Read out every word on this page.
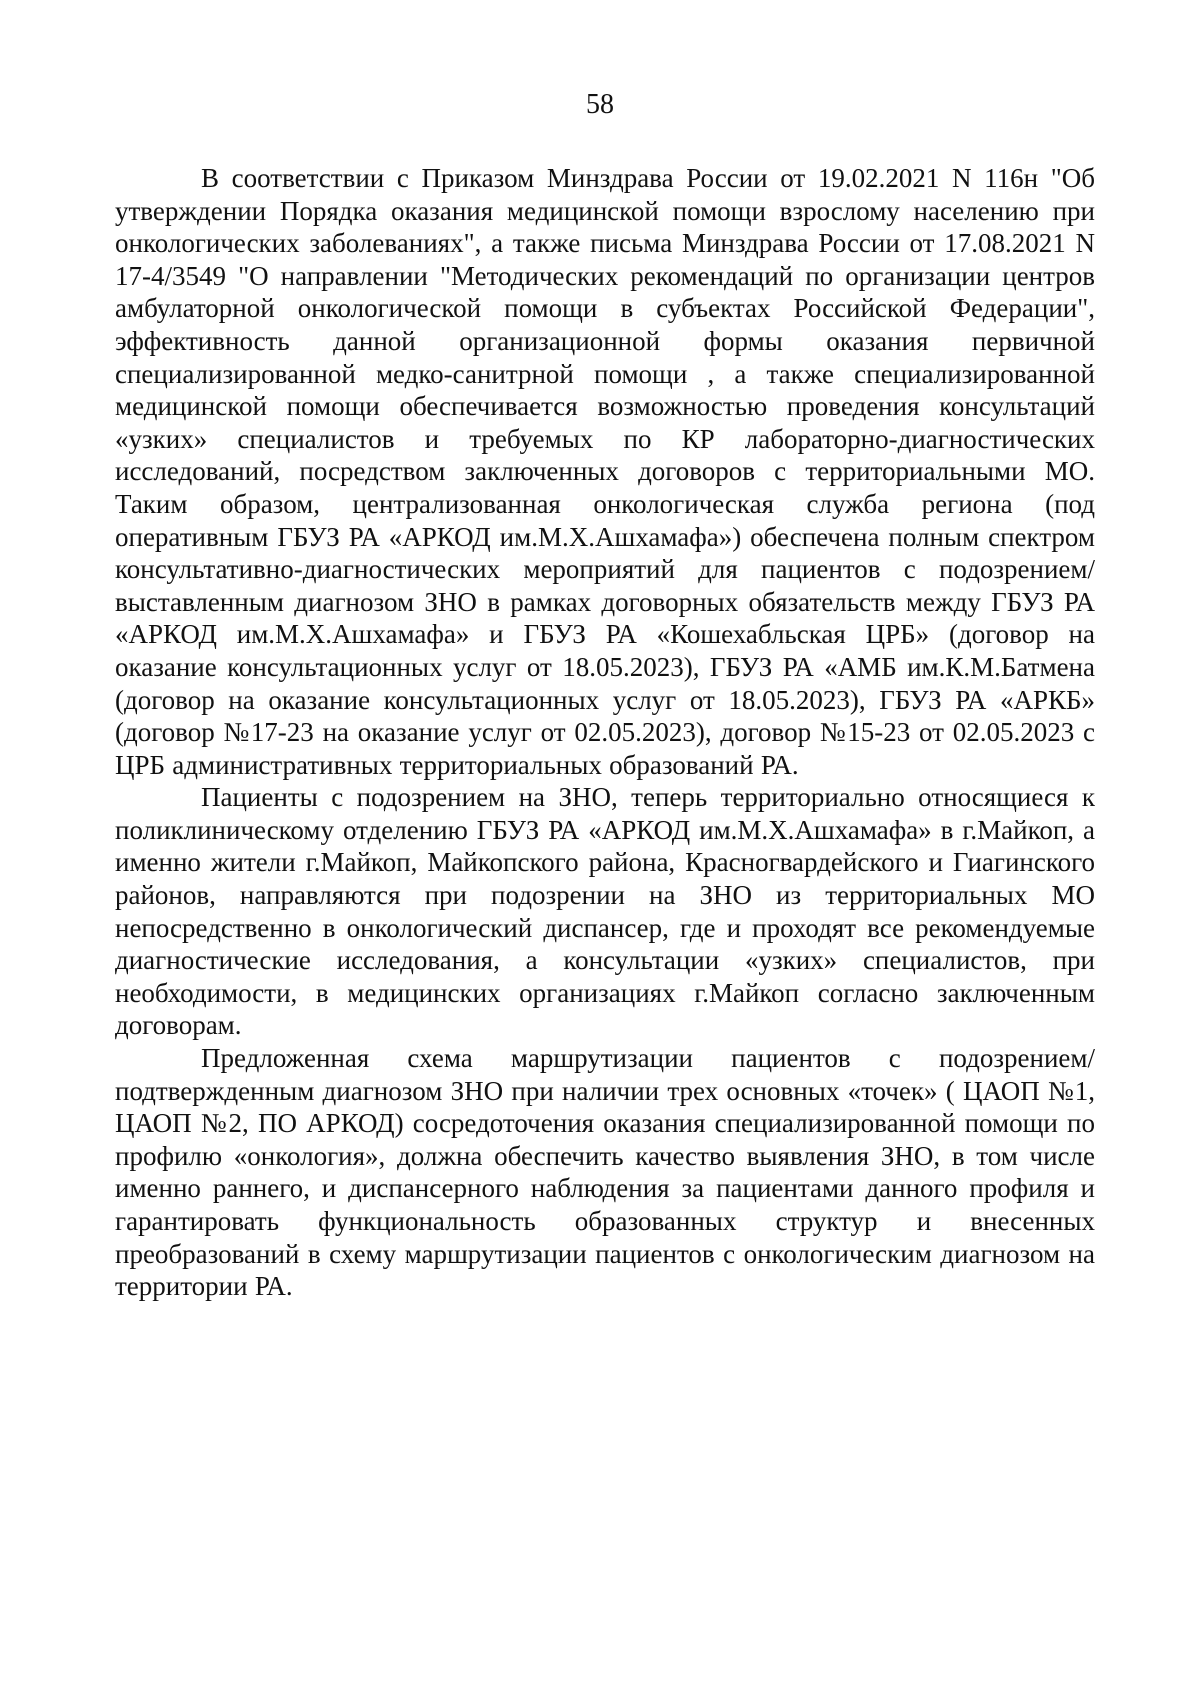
58

В соответствии с Приказом Минздрава России от 19.02.2021 N 116н "Об утверждении Порядка оказания медицинской помощи взрослому населению при онкологических заболеваниях", а также письма Минздрава России от 17.08.2021 N 17-4/3549 "О направлении "Методических рекомендаций по организации центров амбулаторной онкологической помощи в субъектах Российской Федерации", эффективность данной организационной формы оказания первичной специализированной медко-санитрной помощи , а также специализированной медицинской помощи обеспечивается возможностью проведения консультаций «узких» специалистов и требуемых по КР лабораторно-диагностических исследований, посредством заключенных договоров с территориальными МО. Таким образом, централизованная онкологическая служба региона (под оперативным ГБУЗ РА «АРКОД им.М.Х.Ашхамафа») обеспечена полным спектром консультативно-диагностических мероприятий для пациентов с подозрением/ выставленным диагнозом ЗНО в рамках договорных обязательств между ГБУЗ РА «АРКОД им.М.Х.Ашхамафа» и ГБУЗ РА «Кошехабльская ЦРБ» (договор на оказание консультационных услуг от 18.05.2023), ГБУЗ РА «АМБ им.К.М.Батмена (договор на оказание консультационных услуг от 18.05.2023), ГБУЗ РА «АРКБ» (договор №17-23 на оказание услуг от 02.05.2023), договор №15-23 от 02.05.2023 с ЦРБ административных территориальных образований РА.

Пациенты с подозрением на ЗНО, теперь территориально относящиеся к поликлиническому отделению ГБУЗ РА «АРКОД им.М.Х.Ашхамафа» в г.Майкоп, а именно жители г.Майкоп, Майкопского района, Красногвардейского и Гиагинского районов, направляются при подозрении на ЗНО из территориальных МО непосредственно в онкологический диспансер, где и проходят все рекомендуемые диагностические исследования, а консультации «узких» специалистов, при необходимости, в медицинских организациях г.Майкоп согласно заключенным договорам.

Предложенная схема маршрутизации пациентов с подозрением/ подтвержденным диагнозом ЗНО при наличии трех основных «точек» ( ЦАОП №1, ЦАОП №2, ПО АРКОД) сосредоточения оказания специализированной помощи по профилю «онкология», должна обеспечить качество выявления ЗНО, в том числе именно раннего, и диспансерного наблюдения за пациентами данного профиля и гарантировать функциональность образованных структур и внесенных преобразований в схему маршрутизации пациентов с онкологическим диагнозом на территории РА.
